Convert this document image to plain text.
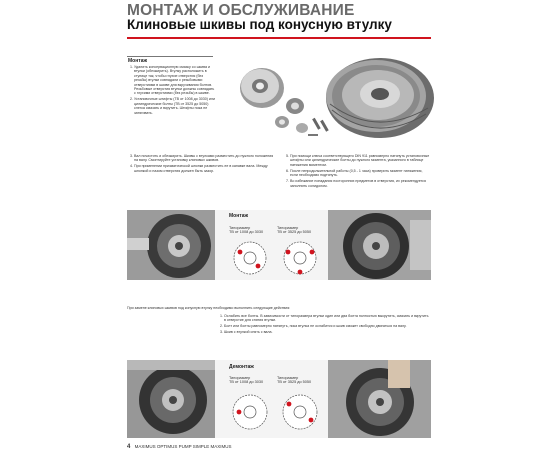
МОНТАЖ И ОБСЛУЖИВАНИЕ
Клиновые шкивы под конусную втулку
Монтаж
1. Удалить консервационную смазку со шкива и втулки (обезжирить). Втулку расположить в ступице так, чтобы глухие отверстия (без резьбы) втулки совпадали с резьбовыми отверстиями в шкиве для вкручивания болтов. Резьбовые отверстия втулки должны совпадать с глухими отверстиями (без резьбы) в шкиве.
2. Установочные штифты (TB от 1008 до 3030) или цилиндрические болты (TB от 3525 до 5050) слегка смазать и вкрутить. Штифты пока не затягивать.
3. Вал почистить и обезжирить. Шкивы с втулками разместить до нужного положения на валу. Смонтируйте установку клиновых шкивов.
4. При применении призматической шпонки разместить ее в канавке вала. Между шпонкой и пазом отверстия должен быть зазор.
5. При помощи ключа соответствующего DIN 911 равномерно натянуть установочные штифты или цилиндрические болты до нужного момента, указанного в таблице натяжения моментом.
6. После непродолжительной работы (0,5 - 1 часа) проверить момент натяжения, если необходимо подтянуть.
7. Во избежание попадания посторонних предметов в отверстия, их рекомендуется заполнить солидолом.
Монтаж
Типоразмер
TB от 1008 до 3030
Типоразмер
TB от 3525 до 5050
При замене клиновых шкивов под конусную втулку необходимо выполнить следующие действия:
1. Ослабить все болты. В зависимости от типоразмера втулки один или два болта полностью выкрутить, смазать и вкрутить в отверстие для снятия втулки.
2. Болт или болты равномерно натянуть, пока втулка не ослабится и шкив сможет свободно двигаться на валу.
3. Шкив с втулкой снять с вала.
Демонтаж
Типоразмер
TB от 1008 до 3030
Типоразмер
TB от 3525 до 5050
4 MAXIMUS OPTIMUS PUMP SIMPLE MAXIMUS
